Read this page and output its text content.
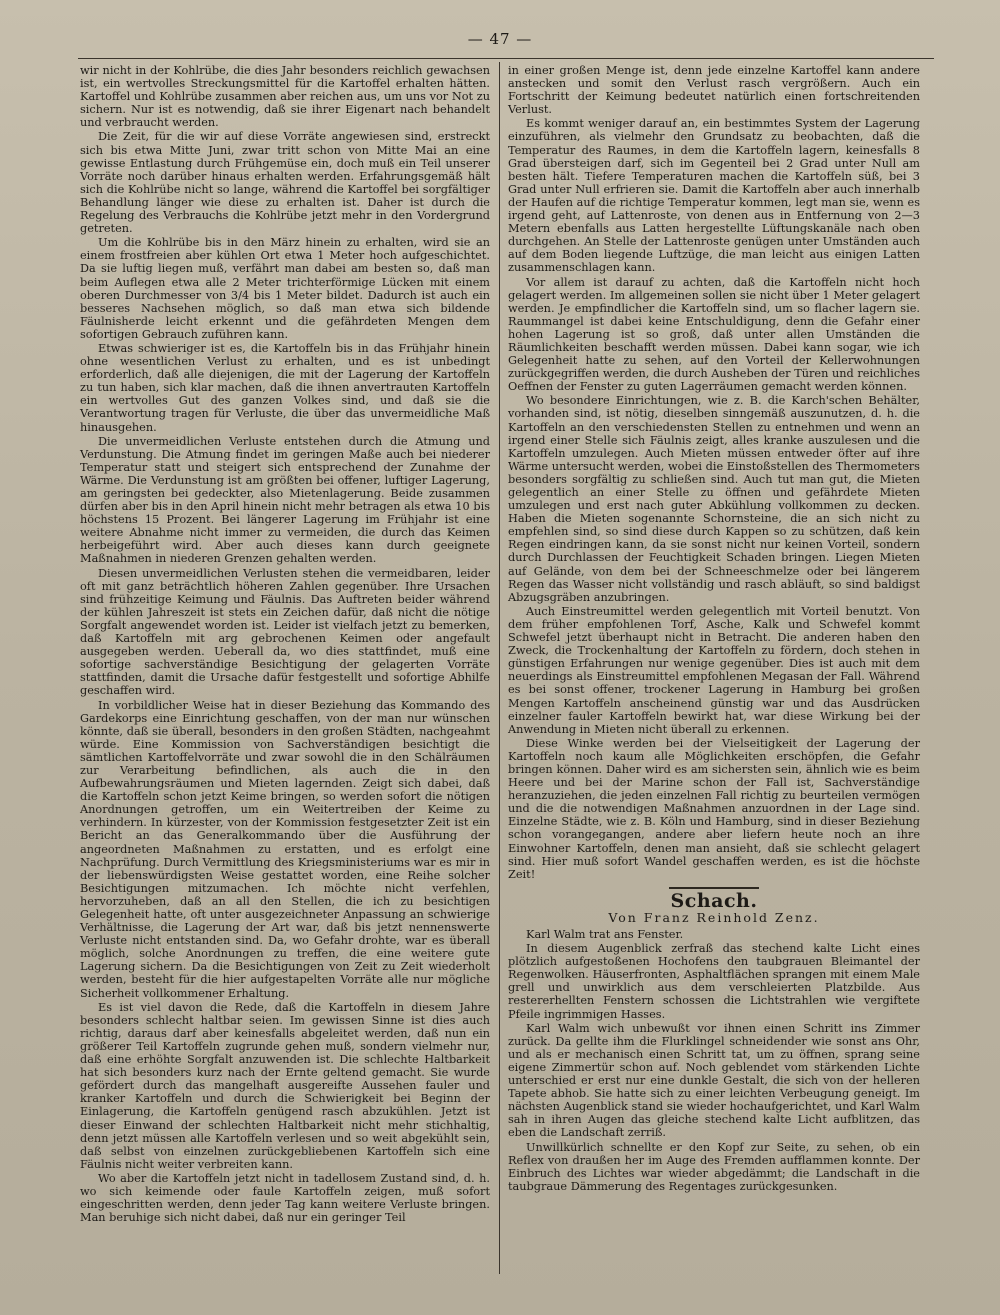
— 47 —

wir nicht in der Kohlrübe, die dies Jahr besonders reichlich gewachsen ist, ein wertvolles Streckungsmittel für die Kartoffel erhalten hätten. Kartoffel und Kohlrübe zusammen aber reichen aus, um uns vor Not zu sichern. Nur ist es notwendig, daß sie ihrer Eigenart nach behandelt und verbraucht werden.

Die Zeit, für die wir auf diese Vorräte angewiesen sind, erstreckt sich bis etwa Mitte Juni, zwar tritt schon von Mitte Mai an eine gewisse Entlastung durch Frühgemüse ein, doch muß ein Teil unserer Vorräte noch darüber hinaus erhalten werden. Erfahrungsgemäß hält sich die Kohlrübe nicht so lange, während die Kartoffel bei sorgfältiger Behandlung länger wie diese zu erhalten ist. Daher ist durch die Regelung des Verbrauchs die Kohlrübe jetzt mehr in den Vordergrund getreten.

Um die Kohlrübe bis in den März hinein zu erhalten, wird sie an einem frostfreien aber kühlen Ort etwa 1 Meter hoch aufgeschichtet. Da sie luftig liegen muß, verfährt man dabei am besten so, daß man beim Auflegen etwa alle 2 Meter trichterförmige Lücken mit einem oberen Durchmesser von 3/4 bis 1 Meter bildet. Dadurch ist auch ein besseres Nachsehen möglich, so daß man etwa sich bildende Fäulnisherde leicht erkennt und die gefährdeten Mengen dem sofortigen Gebrauch zuführen kann.

Etwas schwieriger ist es, die Kartoffeln bis in das Frühjahr hinein ohne wesentlichen Verlust zu erhalten, und es ist unbedingt erforderlich, daß alle diejenigen, die mit der Lagerung der Kartoffeln zu tun haben, sich klar machen, daß die ihnen anvertrauten Kartoffeln ein wertvolles Gut des ganzen Volkes sind, und daß sie die Verantwortung tragen für Verluste, die über das unvermeidliche Maß hinausgehen.

Die unvermeidlichen Verluste entstehen durch die Atmung und Verdunstung. Die Atmung findet im geringen Maße auch bei niederer Temperatur statt und steigert sich entsprechend der Zunahme der Wärme. Die Verdunstung ist am größten bei offener, luftiger Lagerung, am geringsten bei gedeckter, also Mietenlagerung. Beide zusammen dürfen aber bis in den April hinein nicht mehr betragen als etwa 10 bis höchstens 15 Prozent. Bei längerer Lagerung im Frühjahr ist eine weitere Abnahme nicht immer zu vermeiden, die durch das Keimen herbeigeführt wird. Aber auch dieses kann durch geeignete Maßnahmen in niederen Grenzen gehalten werden.

Diesen unvermeidlichen Verlusten stehen die vermeidbaren, leider oft mit ganz beträchtlich höheren Zahlen gegenüber. Ihre Ursachen sind frühzeitige Keimung und Fäulnis. Das Auftreten beider während der kühlen Jahreszeit ist stets ein Zeichen dafür, daß nicht die nötige Sorgfalt angewendet worden ist. Leider ist vielfach jetzt zu bemerken, daß Kartoffeln mit arg gebrochenen Keimen oder angefault ausgegeben werden. Ueberall da, wo dies stattfindet, muß eine sofortige sachverständige Besichtigung der gelagerten Vorräte stattfinden, damit die Ursache dafür festgestellt und sofortige Abhilfe geschaffen wird.

In vorbildlicher Weise hat in dieser Beziehung das Kommando des Gardekorps eine Einrichtung geschaffen, von der man nur wünschen könnte, daß sie überall, besonders in den großen Städten, nachgeahmt würde. Eine Kommission von Sachverständigen besichtigt die sämtlichen Kartoffelvorräte und zwar sowohl die in den Schälräumen zur Verarbeitung befindlichen, als auch die in den Aufbewahrungsräumen und Mieten lagernden. Zeigt sich dabei, daß die Kartoffeln schon jetzt Keime bringen, so werden sofort die nötigen Anordnungen getroffen, um ein Weitertreiben der Keime zu verhindern. In kürzester, von der Kommission festgesetzter Zeit ist ein Bericht an das Generalkommando über die Ausführung der angeordneten Maßnahmen zu erstatten, und es erfolgt eine Nachprüfung. Durch Vermittlung des Kriegsministeriums war es mir in der liebenswürdigsten Weise gestattet worden, eine Reihe solcher Besichtigungen mitzumachen. Ich möchte nicht verfehlen, hervorzuheben, daß an all den Stellen, die ich zu besichtigen Gelegenheit hatte, oft unter ausgezeichneter Anpassung an schwierige Verhältnisse, die Lagerung der Art war, daß bis jetzt nennenswerte Verluste nicht entstanden sind. Da, wo Gefahr drohte, war es überall möglich, solche Anordnungen zu treffen, die eine weitere gute Lagerung sichern. Da die Besichtigungen von Zeit zu Zeit wiederholt werden, besteht für die hier aufgestapelten Vorräte alle nur mögliche Sicherheit vollkommener Erhaltung.

Es ist viel davon die Rede, daß die Kartoffeln in diesem Jahre besonders schlecht haltbar seien. Im gewissen Sinne ist dies auch richtig, daraus darf aber keinesfalls abgeleitet werden, daß nun ein größerer Teil Kartoffeln zugrunde gehen muß, sondern vielmehr nur, daß eine erhöhte Sorgfalt anzuwenden ist. Die schlechte Haltbarkeit hat sich besonders kurz nach der Ernte geltend gemacht. Sie wurde gefördert durch das mangelhaft ausgereifte Aussehen fauler und kranker Kartoffeln und durch die Schwierigkeit bei Beginn der Einlagerung, die Kartoffeln genügend rasch abzukühlen. Jetzt ist dieser Einwand der schlechten Haltbarkeit nicht mehr stichhaltig, denn jetzt müssen alle Kartoffeln verlesen und so weit abgekühlt sein, daß selbst von einzelnen zurückgebliebenen Kartoffeln sich eine Fäulnis nicht weiter verbreiten kann.

Wo aber die Kartoffeln jetzt nicht in tadellosem Zustand sind, d. h. wo sich keimende oder faule Kartoffeln zeigen, muß sofort eingeschritten werden, denn jeder Tag kann weitere Verluste bringen. Man beruhige sich nicht dabei, daß nur ein geringer Teil

in einer großen Menge ist, denn jede einzelne Kartoffel kann andere anstecken und somit den Verlust rasch vergrößern. Auch ein Fortschritt der Keimung bedeutet natürlich einen fortschreitenden Verlust.

Es kommt weniger darauf an, ein bestimmtes System der Lagerung einzuführen, als vielmehr den Grundsatz zu beobachten, daß die Temperatur des Raumes, in dem die Kartoffeln lagern, keinesfalls 8 Grad übersteigen darf, sich im Gegenteil bei 2 Grad unter Null am besten hält. Tiefere Temperaturen machen die Kartoffeln süß, bei 3 Grad unter Null erfrieren sie. Damit die Kartoffeln aber auch innerhalb der Haufen auf die richtige Temperatur kommen, legt man sie, wenn es irgend geht, auf Lattenroste, von denen aus in Entfernung von 2—3 Metern ebenfalls aus Latten hergestellte Lüftungskanäle nach oben durchgehen. An Stelle der Lattenroste genügen unter Umständen auch auf dem Boden liegende Luftzüge, die man leicht aus einigen Latten zusammenschlagen kann.

Vor allem ist darauf zu achten, daß die Kartoffeln nicht hoch gelagert werden. Im allgemeinen sollen sie nicht über 1 Meter gelagert werden. Je empfindlicher die Kartoffeln sind, um so flacher lagern sie. Raummangel ist dabei keine Entschuldigung, denn die Gefahr einer hohen Lagerung ist so groß, daß unter allen Umständen die Räumlichkeiten beschafft werden müssen. Dabei kann sogar, wie ich Gelegenheit hatte zu sehen, auf den Vorteil der Kellerwohnungen zurückgegriffen werden, die durch Ausheben der Türen und reichliches Oeffnen der Fenster zu guten Lagerräumen gemacht werden können.

Wo besondere Einrichtungen, wie z. B. die Karch'schen Behälter, vorhanden sind, ist nötig, dieselben sinngemäß auszunutzen, d. h. die Kartoffeln an den verschiedensten Stellen zu entnehmen und wenn an irgend einer Stelle sich Fäulnis zeigt, alles kranke auszulesen und die Kartoffeln umzulegen. Auch Mieten müssen entweder öfter auf ihre Wärme untersucht werden, wobei die Einstoßstellen des Thermometers besonders sorgfältig zu schließen sind. Auch tut man gut, die Mieten gelegentlich an einer Stelle zu öffnen und gefährdete Mieten umzulegen und erst nach guter Abkühlung vollkommen zu decken. Haben die Mieten sogenannte Schornsteine, die an sich nicht zu empfehlen sind, so sind diese durch Kappen so zu schützen, daß kein Regen eindringen kann, da sie sonst nicht nur keinen Vorteil, sondern durch Durchlassen der Feuchtigkeit Schaden bringen. Liegen Mieten auf Gelände, von dem bei der Schneeschmelze oder bei längerem Regen das Wasser nicht vollständig und rasch abläuft, so sind baldigst Abzugsgräben anzubringen.

Auch Einstreumittel werden gelegentlich mit Vorteil benutzt. Von dem früher empfohlenen Torf, Asche, Kalk und Schwefel kommt Schwefel jetzt überhaupt nicht in Betracht. Die anderen haben den Zweck, die Trockenhaltung der Kartoffeln zu fördern, doch stehen in günstigen Erfahrungen nur wenige gegenüber. Dies ist auch mit dem neuerdings als Einstreumittel empfohlenen Megasan der Fall. Während es bei sonst offener, trockener Lagerung in Hamburg bei großen Mengen Kartoffeln anscheinend günstig war und das Ausdrücken einzelner fauler Kartoffeln bewirkt hat, war diese Wirkung bei der Anwendung in Mieten nicht überall zu erkennen.

Diese Winke werden bei der Vielseitigkeit der Lagerung der Kartoffeln noch kaum alle Möglichkeiten erschöpfen, die Gefahr bringen können. Daher wird es am sichersten sein, ähnlich wie es beim Heere und bei der Marine schon der Fall ist, Sachverständige heranzuziehen, die jeden einzelnen Fall richtig zu beurteilen vermögen und die die notwendigen Maßnahmen anzuordnen in der Lage sind. Einzelne Städte, wie z. B. Köln und Hamburg, sind in dieser Beziehung schon vorangegangen, andere aber liefern heute noch an ihre Einwohner Kartoffeln, denen man ansieht, daß sie schlecht gelagert sind. Hier muß sofort Wandel geschaffen werden, es ist die höchste Zeit!

Schach.
Von Franz Reinhold Zenz.

Karl Walm trat ans Fenster.

In diesem Augenblick zerfraß das stechend kalte Licht eines plötzlich aufgestoßenen Hochofens den taubgrauen Bleimantel der Regenwolken. Häuserfronten, Asphaltflächen sprangen mit einem Male grell und unwirklich aus dem verschleierten Platzbilde. Aus restererhellten Fenstern schossen die Lichtstrahlen wie vergiftete Pfeile ingrimmigen Hasses.

Karl Walm wich unbewußt vor ihnen einen Schritt ins Zimmer zurück. Da gellte ihm die Flurklingel schneidender wie sonst ans Ohr, und als er mechanisch einen Schritt tat, um zu öffnen, sprang seine eigene Zimmertür schon auf. Noch geblendet vom stärkenden Lichte unterschied er erst nur eine dunkle Gestalt, die sich von der helleren Tapete abhob. Sie hatte sich zu einer leichten Verbeugung geneigt. Im nächsten Augenblick stand sie wieder hochaufgerichtet, und Karl Walm sah in ihren Augen das gleiche stechend kalte Licht aufblitzen, das eben die Landschaft zerriß.

Unwillkürlich schnellte er den Kopf zur Seite, zu sehen, ob ein Reflex von draußen her im Auge des Fremden aufflammen konnte. Der Einbruch des Lichtes war wieder abgedämmt; die Landschaft in die taubgraue Dämmerung des Regentages zurückgesunken.
